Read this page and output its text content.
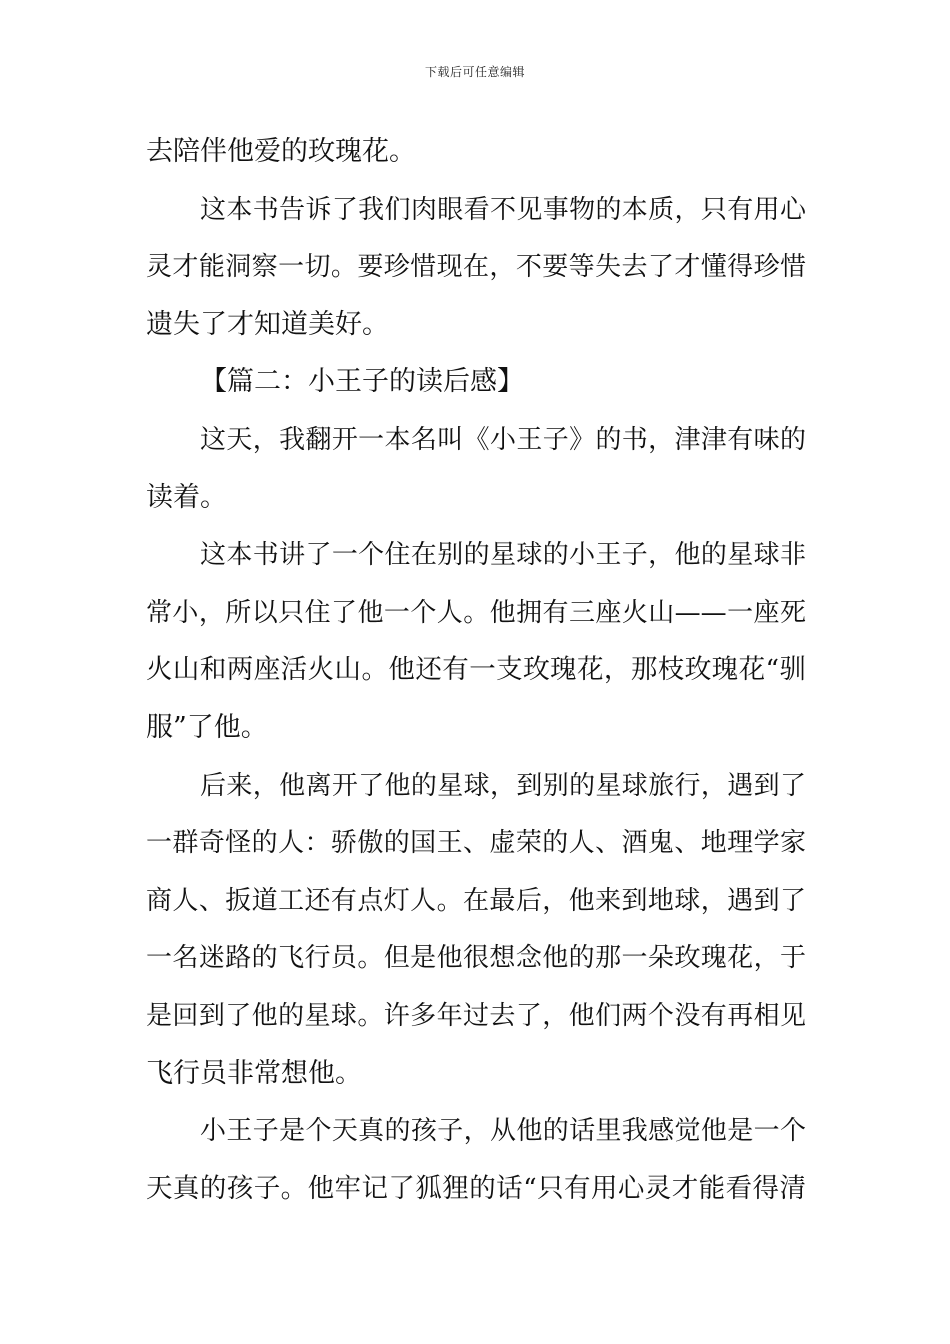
下载后可任意编辑
去陪伴他爱的玫瑰花。
这本书告诉了我们肉眼看不见事物的本质，只有用心
灵才能洞察一切。要珍惜现在，不要等失去了才懂得珍惜
遗失了才知道美好。
【篇二：小王子的读后感】
这天，我翻开一本名叫《小王子》的书，津津有味的
读着。
这本书讲了一个住在别的星球的小王子，他的星球非
常小，所以只住了他一个人。他拥有三座火山——一座死
火山和两座活火山。他还有一支玫瑰花，那枝玫瑰花“驯
服”了他。
后来，他离开了他的星球，到别的星球旅行，遇到了
一群奇怪的人：骄傲的国王、虚荣的人、酒鬼、地理学家
商人、扳道工还有点灯人。在最后，他来到地球，遇到了
一名迷路的飞行员。但是他很想念他的那一朵玫瑰花，于
是回到了他的星球。许多年过去了，他们两个没有再相见
飞行员非常想他。
小王子是个天真的孩子，从他的话里我感觉他是一个
天真的孩子。他牢记了狐狸的话“只有用心灵才能看得清
